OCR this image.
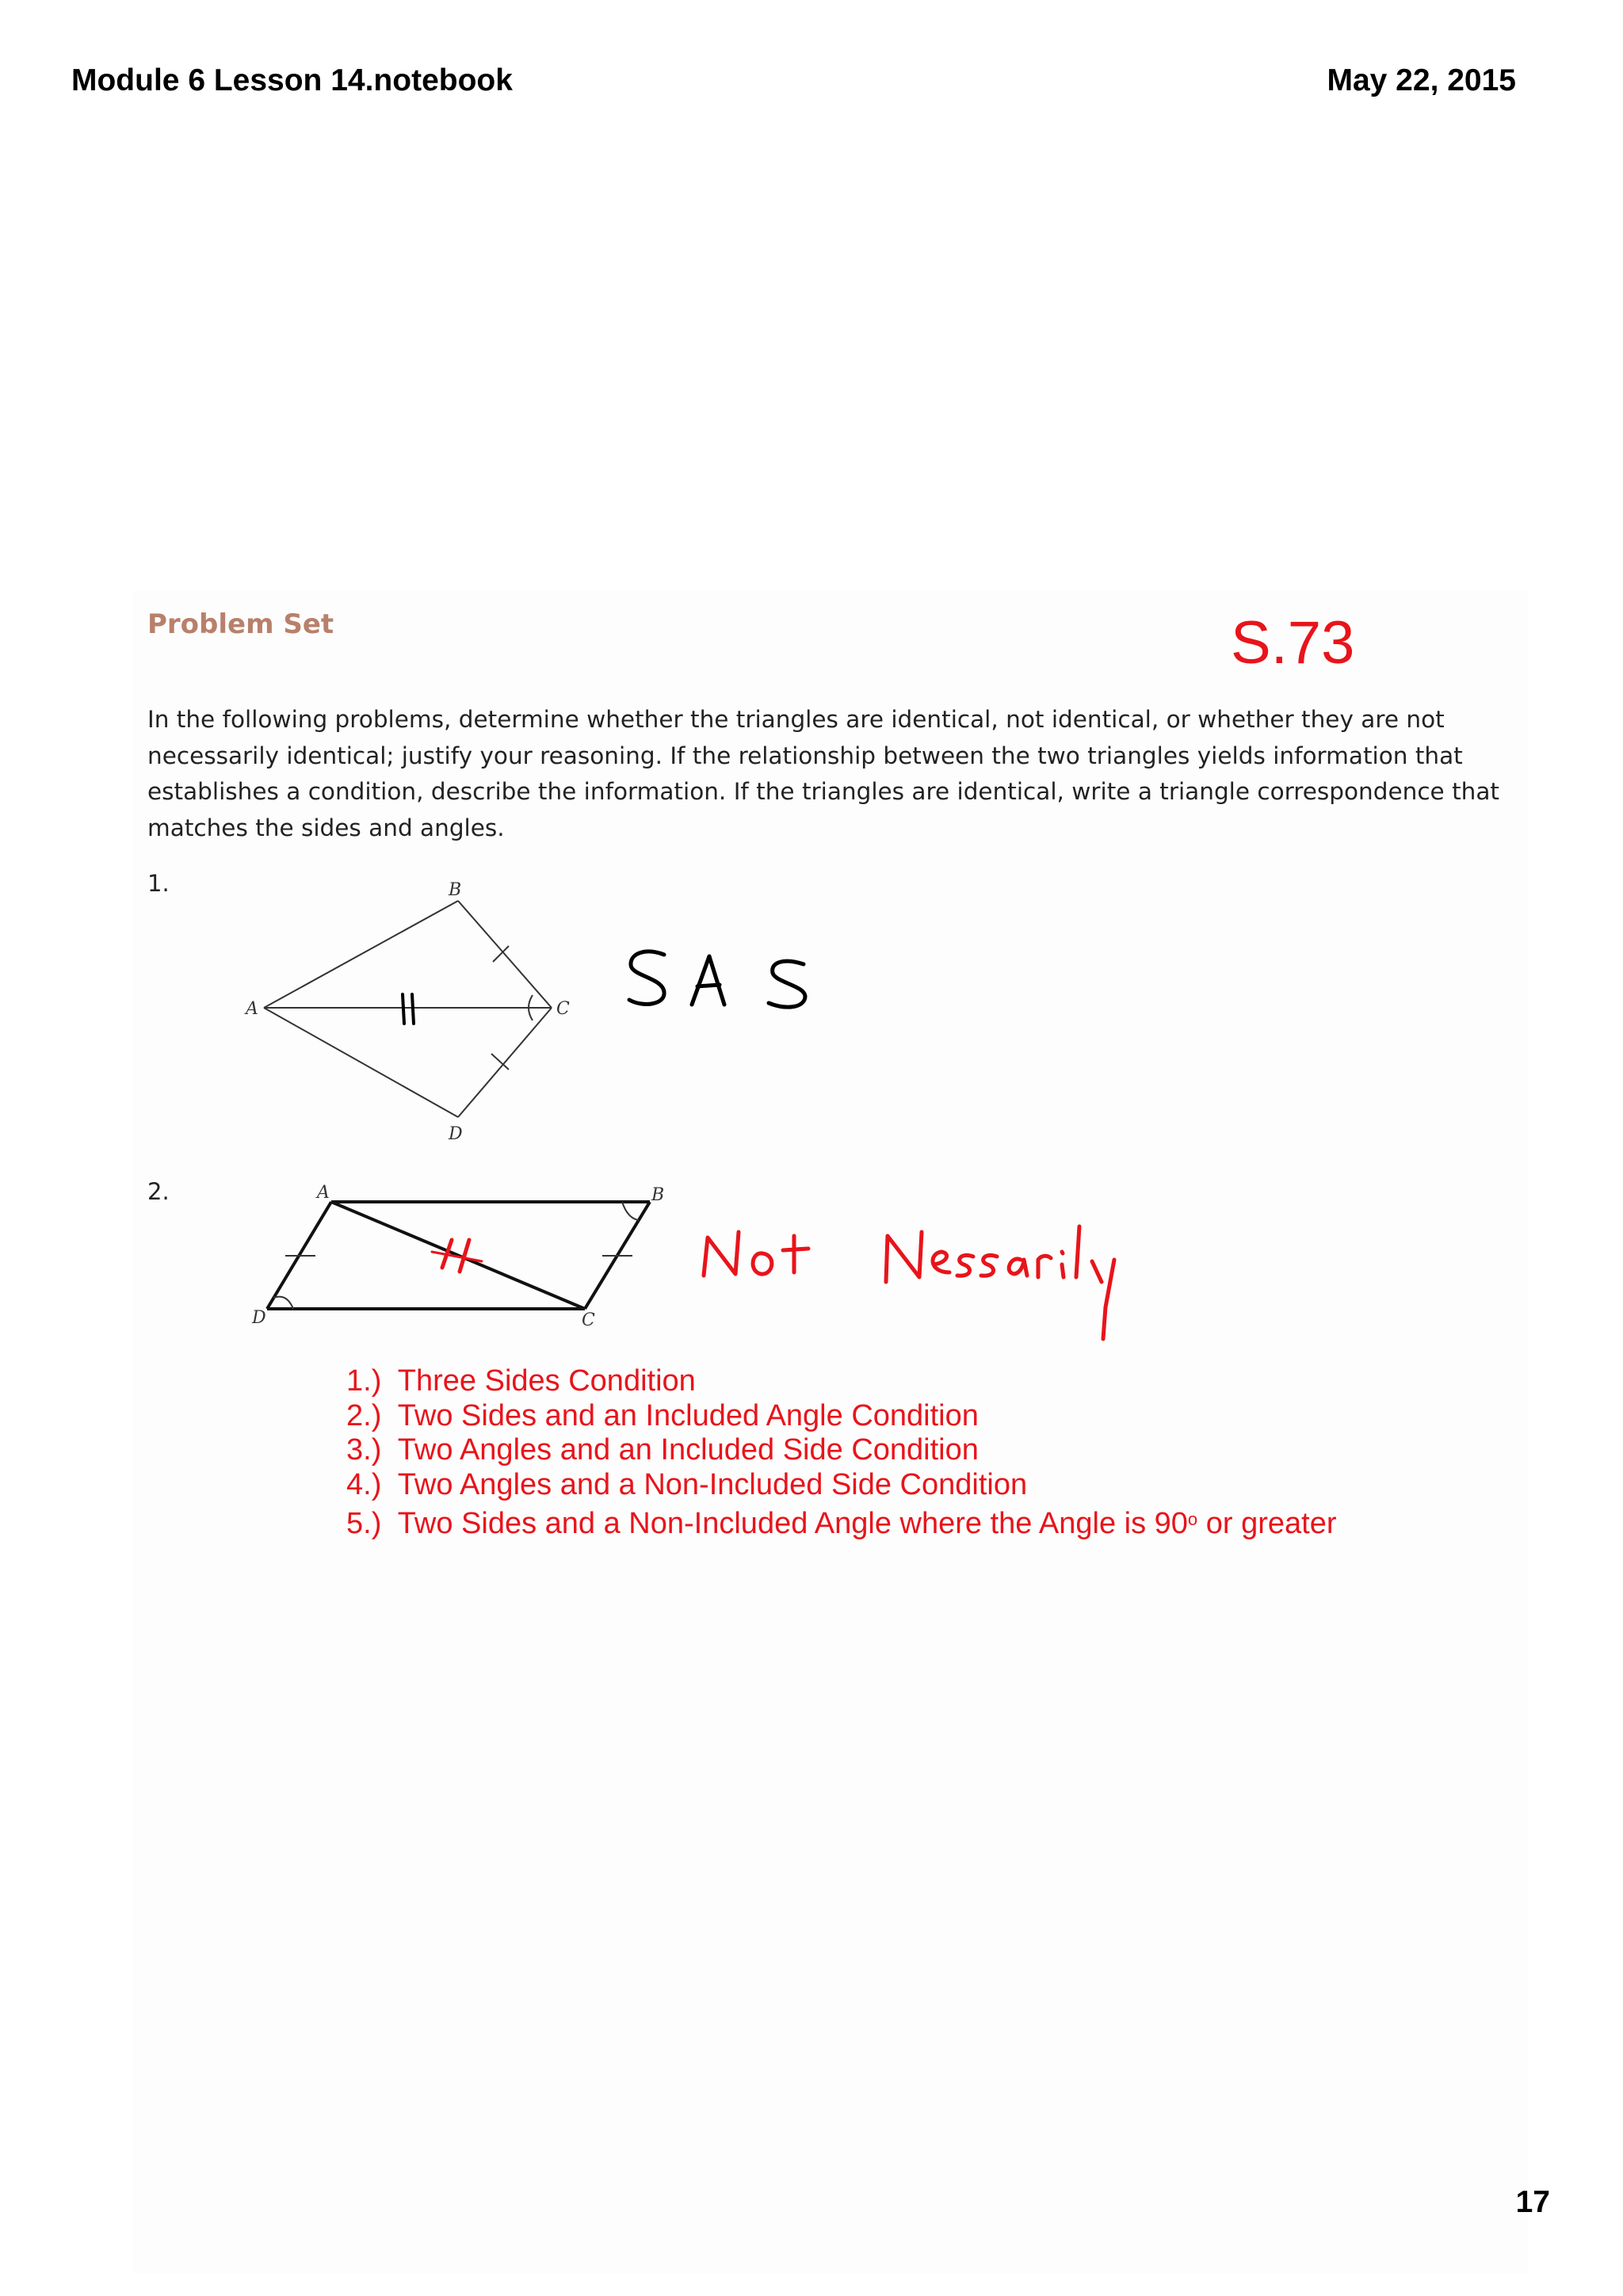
Module 6 Lesson 14.notebook	May 22, 2015
Problem Set	S.73
In the following problems, determine whether the triangles are identical, not identical, or whether they are not necessarily identical; justify your reasoning. If the relationship between the two triangles yields information that establishes a condition, describe the information. If the triangles are identical, write a triangle correspondence that matches the sides and angles.
1.
2.
A
B
C
D
A	B
C
D
1.) Three Sides Condition
2.) Two Sides and an Included Angle Condition
3.) Two Angles and an Included Side Condition
4.) Two Angles and a Non-Included Side Condition
5.) Two Sides and a Non-Included Angle where the Angle is 90$^o$ or greater
17
